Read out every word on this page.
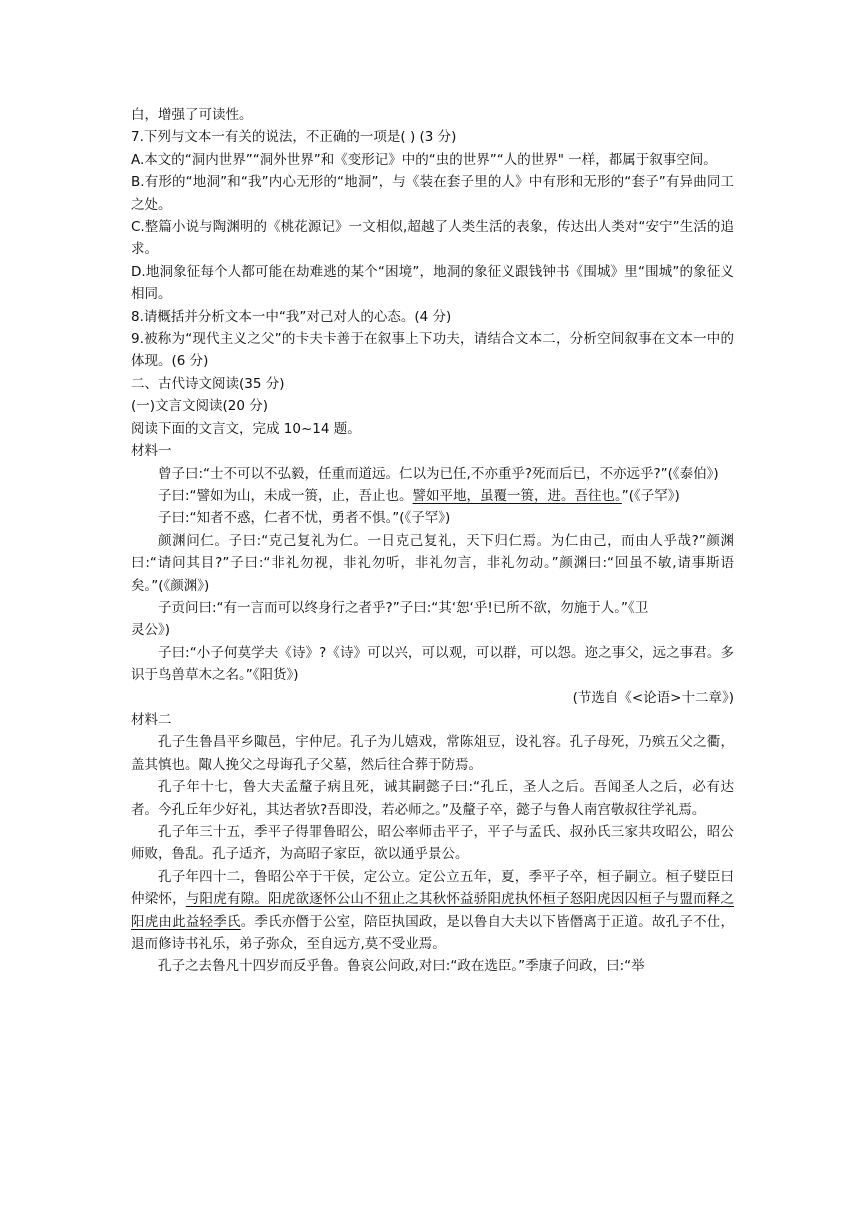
白，增强了可读性。

7.下列与文本一有关的说法，不正确的一项是( ) (3 分)

A.本文的“洞内世界”“洞外世界”和《变形记》中的“虫的世界”“人的世界" 一样，都属于叙事空间。

B.有形的“地洞”和“我”内心无形的“地洞”，与《装在套子里的人》中有形和无形的“套子”有异曲同工之处。

C.整篇小说与陶渊明的《桃花源记》一文相似,超越了人类生活的表象，传达出人类对“安宁”生活的追求。

D.地洞象征每个人都可能在劫难逃的某个“困境”，地洞的象征义跟钱钟书《围城》里“围城”的象征义相同。

8.请概括并分析文本一中“我”对己对人的心态。(4 分)

9.被称为“现代主义之父”的卡夫卡善于在叙事上下功夫，请结合文本二，分析空间叙事在文本一中的体现。(6 分)

二、古代诗文阅读(35 分)

(一)文言文阅读(20 分)

阅读下面的文言文，完成 10~14 题。

材料一

曾子曰:“士不可以不弘毅，任重而道远。仁以为已任,不亦重乎?死而后已，不亦远乎?”(《泰伯》)

子曰:“譬如为山，未成一篑，止，吾止也。譬如平地，虽覆一篑，进。吾往也。”(《子罕》)

子曰:“知者不惑，仁者不忧，勇者不惧。”(《子罕》)

颜渊问仁。子曰:“克己复礼为仁。一日克己复礼，天下归仁焉。为仁由己，而由人乎哉?”颜渊曰:“请问其目?”子曰:“非礼勿视，非礼勿听，非礼勿言，非礼勿动。”颜渊曰:“回虽不敏,请事斯语矣。”(《颜渊》)

子贡问曰:“有一言而可以终身行之者乎?”子曰:“其‘恕‘乎!已所不欲，勿施于人。”《卫

灵公》)

子曰:“小子何莫学夫《诗》?《诗》可以兴，可以观，可以群，可以怨。迩之事父，远之事君。多识于鸟兽草木之名。”《阳货》)

(节选自《<论语>十二章》)

材料二

孔子生鲁昌平乡陬邑，宇仲尼。孔子为儿嬉戏，常陈俎豆，设礼容。孔子母死，乃殡五父之衢，盖其慎也。陬人挽父之母诲孔子父墓，然后往合葬于防焉。

孔子年十七，鲁大夫孟釐子病且死，诫其嗣懿子曰:“孔丘，圣人之后。吾闻圣人之后，必有达者。今孔丘年少好礼，其达者欤?吾即没，若必师之。”及釐子卒，懿子与鲁人南宫敬叔往学礼焉。

孔子年三十五，季平子得罪鲁昭公，昭公率师击平子，平子与孟氏、叔孙氏三家共攻昭公，昭公师败，鲁乱。孔子适齐，为高昭子家臣，欲以通乎景公。

孔子年四十二，鲁昭公卒于干侯，定公立。定公立五年，夏，季平子卒，桓子嗣立。桓子嬖臣曰仲梁怀，与阳虎有隙。阳虎欲逐怀公山不狃止之其秋怀益骄阳虎执怀桓子怒阳虎因囚桓子与盟而释之阳虎由此益轻季氏。季氏亦僭于公室，陪臣执国政，是以鲁自大夫以下皆僭离于正道。故孔子不仕，退而修诗书礼乐，弟子弥众，至自远方,莫不受业焉。

孔子之去鲁凡十四岁而反乎鲁。鲁哀公问政,对曰:“政在选臣。”季康子问政，曰:“举
